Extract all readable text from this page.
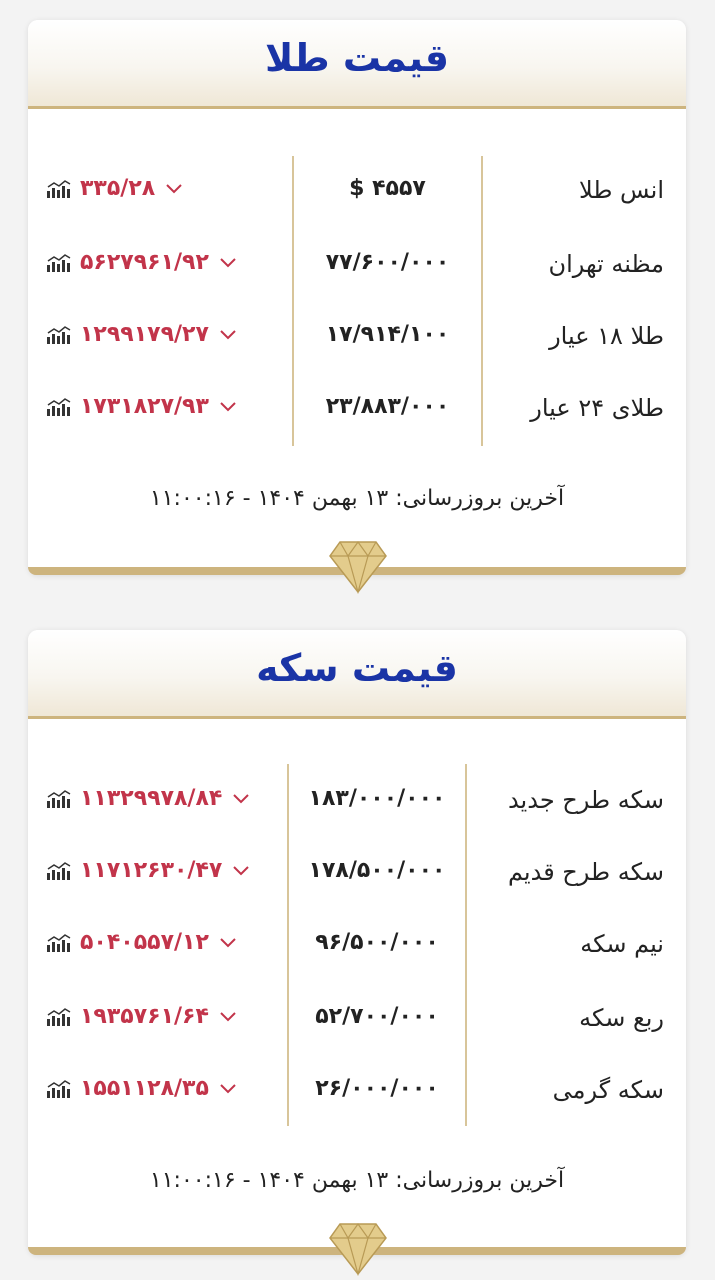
قیمت طلا
انس طلا
۴۵۵۷ $
۳۳۵/۲۸
مظنه تهران
۷۷/۶۰۰/۰۰۰
۵۶۲۷۹۶۱/۹۲
طلا ۱۸ عیار
۱۷/۹۱۴/۱۰۰
۱۲۹۹۱۷۹/۲۷
طلای ۲۴ عیار
۲۳/۸۸۳/۰۰۰
۱۷۳۱۸۲۷/۹۳
آخرین بروزرسانی: ۱۳ بهمن ۱۴۰۴ - ۱۱:۰۰:۱۶
قیمت سکه
سکه طرح جدید
۱۸۳/۰۰۰/۰۰۰
۱۱۳۲۹۹۷۸/۸۴
سکه طرح قدیم
۱۷۸/۵۰۰/۰۰۰
۱۱۷۱۲۶۳۰/۴۷
نیم سکه
۹۶/۵۰۰/۰۰۰
۵۰۴۰۵۵۷/۱۲
ربع سکه
۵۲/۷۰۰/۰۰۰
۱۹۳۵۷۶۱/۶۴
سکه گرمی
۲۶/۰۰۰/۰۰۰
۱۵۵۱۱۲۸/۳۵
آخرین بروزرسانی: ۱۳ بهمن ۱۴۰۴ - ۱۱:۰۰:۱۶
